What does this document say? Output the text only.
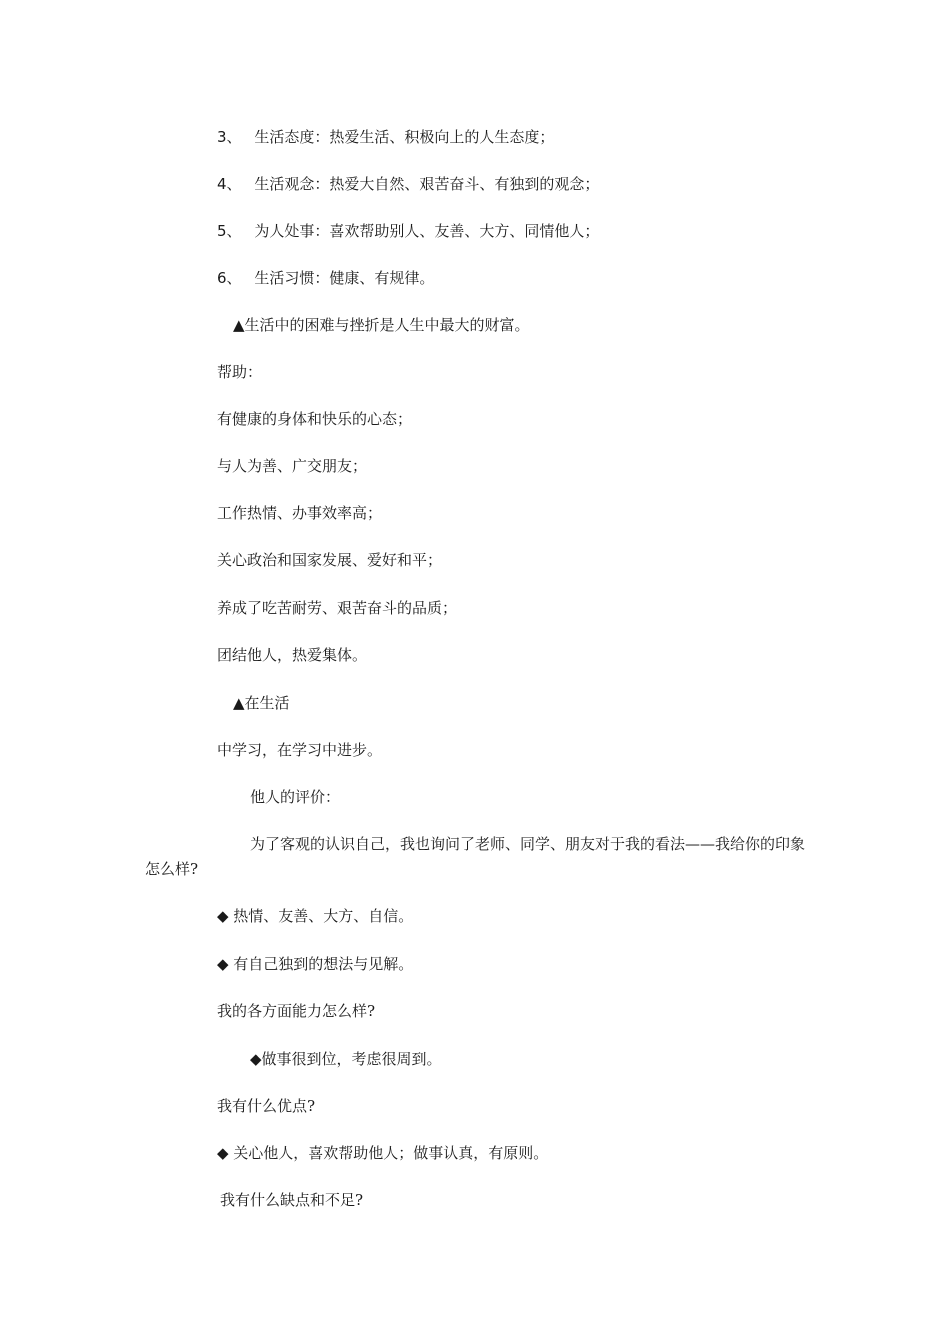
3、 生活态度：热爱生活、积极向上的人生态度；
4、 生活观念：热爱大自然、艰苦奋斗、有独到的观念；
5、 为人处事：喜欢帮助别人、友善、大方、同情他人；
6、 生活习惯：健康、有规律。
▲生活中的困难与挫折是人生中最大的财富。
帮助：
有健康的身体和快乐的心态；
与人为善、广交朋友；
工作热情、办事效率高；
关心政治和国家发展、爱好和平；
养成了吃苦耐劳、艰苦奋斗的品质；
团结他人，热爱集体。
▲在生活
中学习，在学习中进步。
他人的评价：
为了客观的认识自己，我也询问了老师、同学、朋友对于我的看法——我给你的印象怎么样?
◆ 热情、友善、大方、自信。
◆ 有自己独到的想法与见解。
我的各方面能力怎么样?
◆做事很到位，考虑很周到。
我有什么优点?
◆ 关心他人，喜欢帮助他人；做事认真，有原则。
我有什么缺点和不足?
